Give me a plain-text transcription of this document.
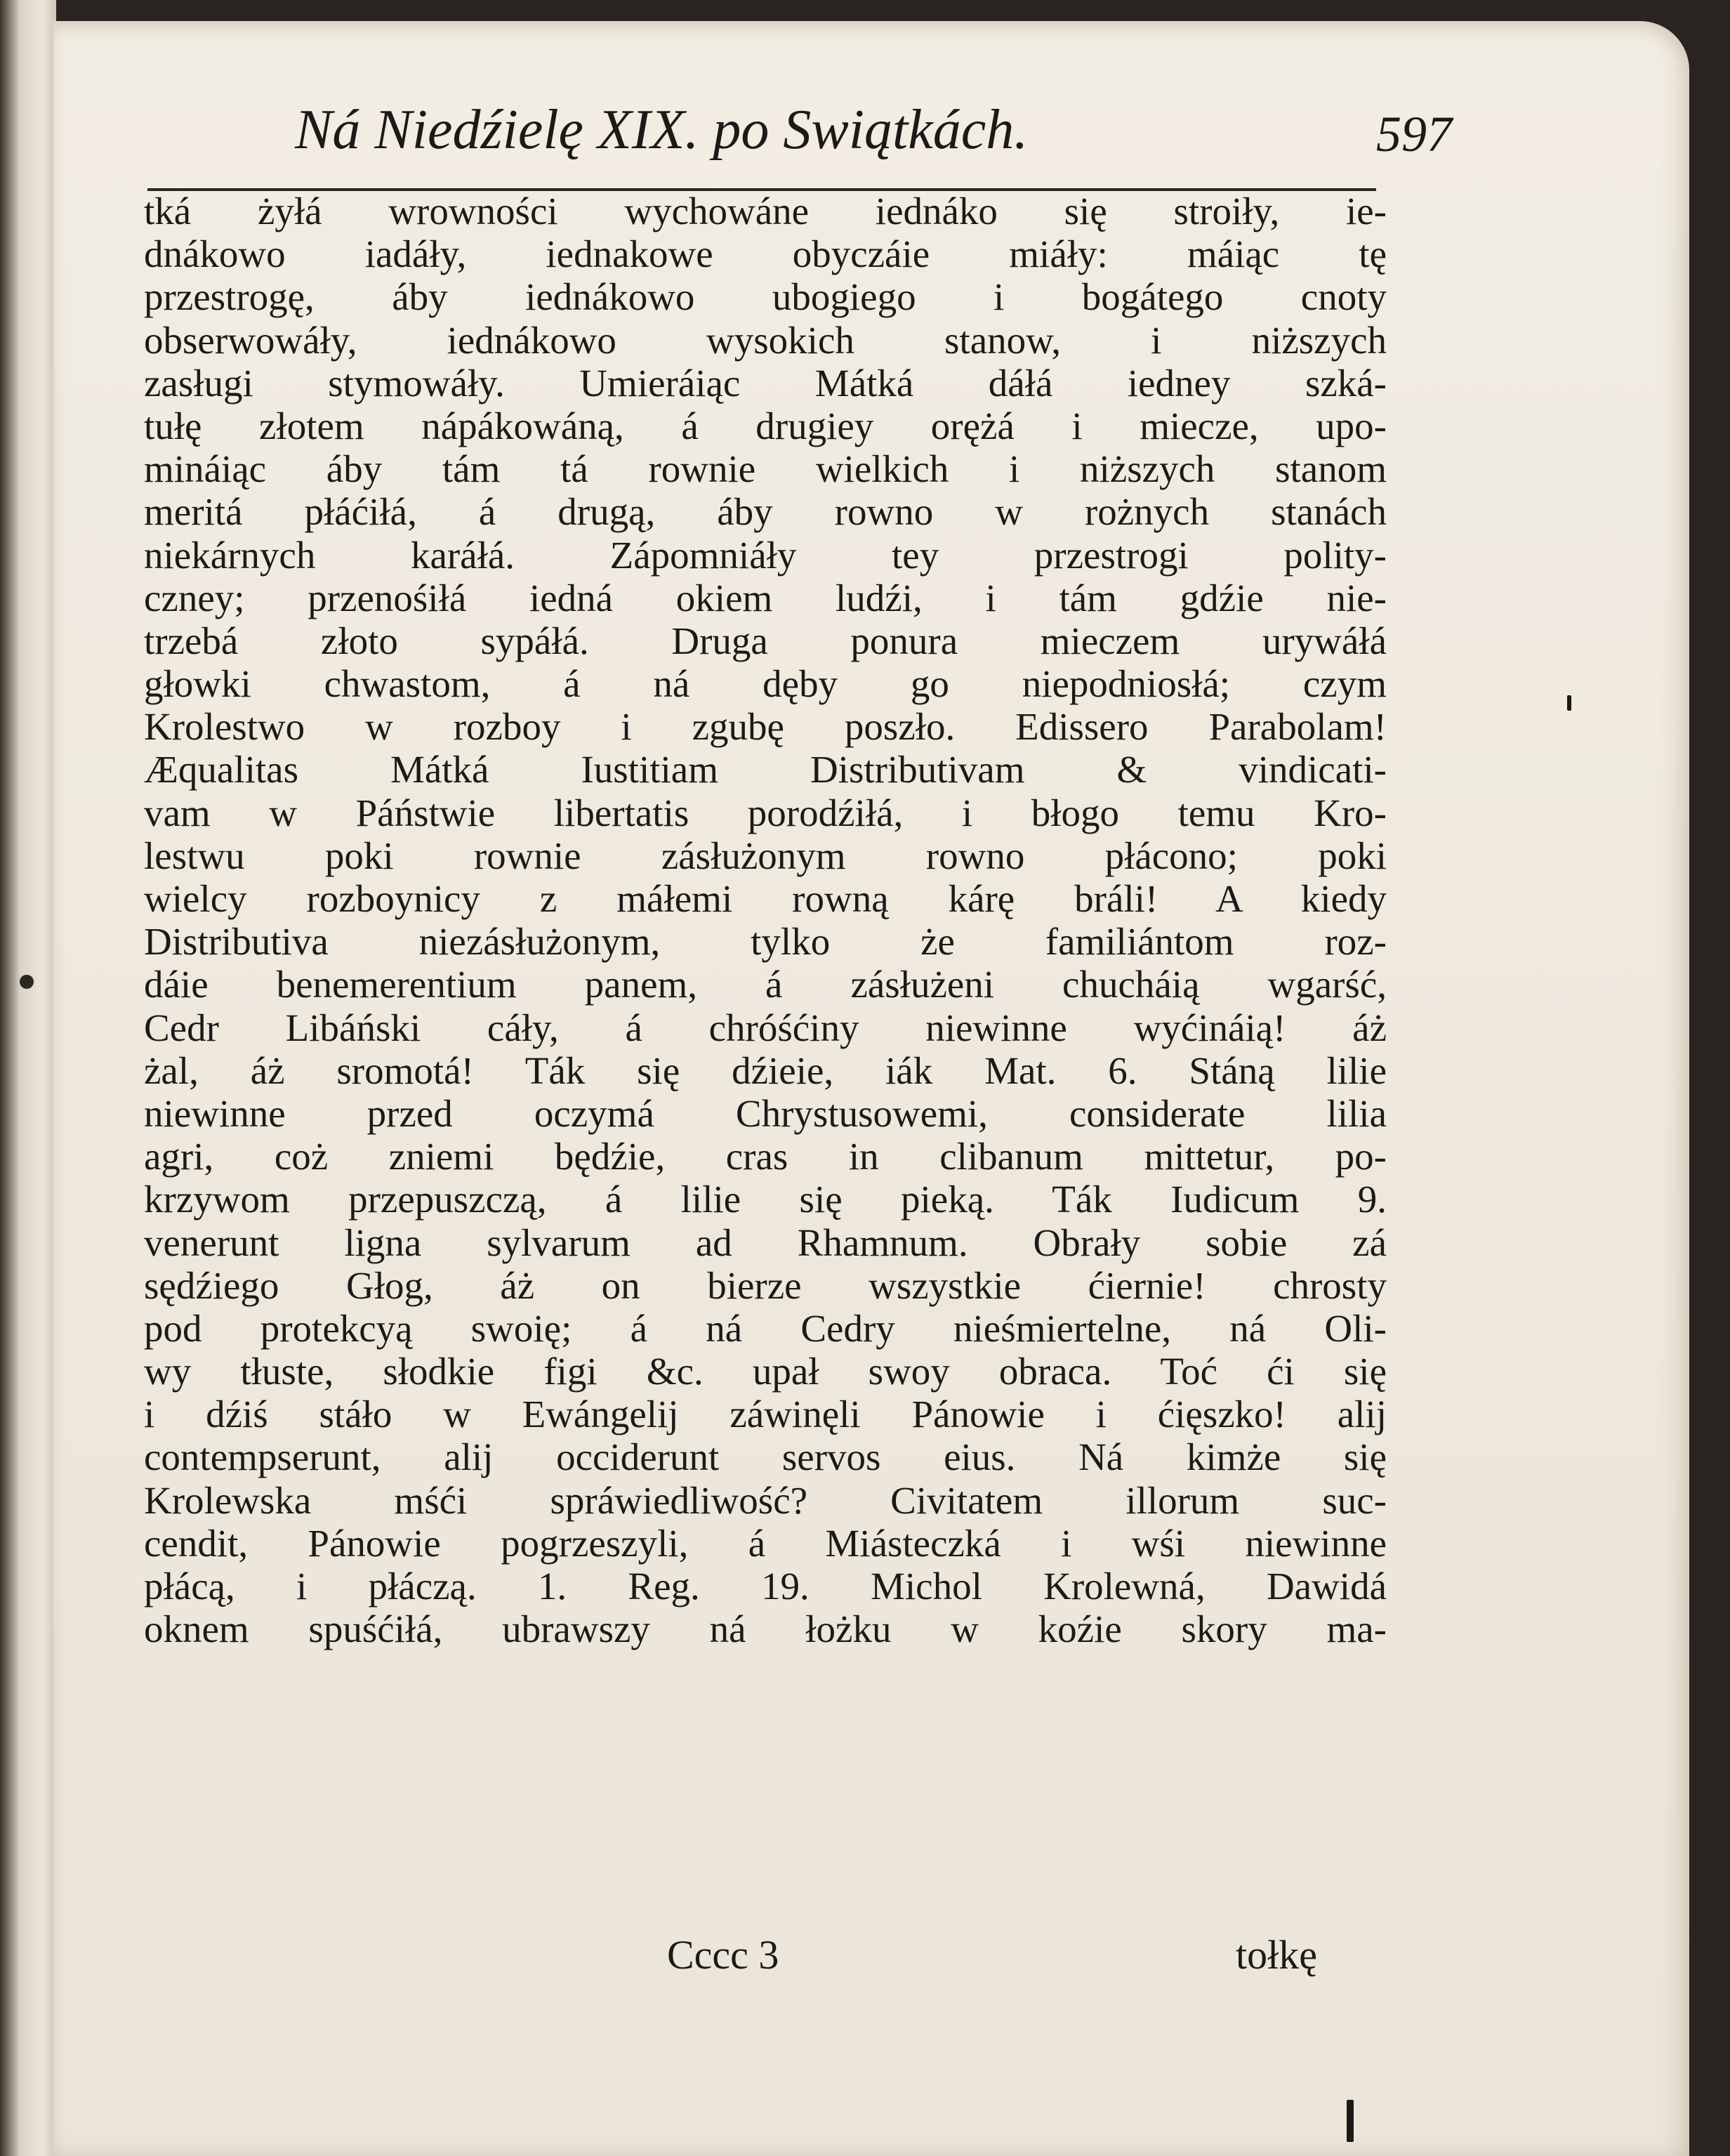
Ná Niedźielę XIX. po Swiątkách.	597
tká żyłá wrowności wychowáne iednáko się stroiły, ie-
dnákowo iadáły, iednakowe obyczáie miáły: máiąc tę
przestrogę, áby iednákowo ubogiego i bogátego cnoty
obserwowáły, iednákowo wysokich stanow, i niższych
zasługi stymowáły. Umieráiąc Mátká dáłá iedney szká-
tułę złotem nápákowáną, á drugiey orężá i miecze, upo-
mináiąc áby tám tá rownie wielkich i niższych stanom
meritá płáćiłá, á drugą, áby rowno w rożnych stanách
niekárnych karáłá. Zápomniáły tey przestrogi polity-
czney; przenośiłá iedná okiem ludźi, i tám gdźie nie-
trzebá złoto sypáłá. Druga ponura mieczem urywáłá
głowki chwastom, á ná dęby go niepodniosłá; czym
Krolestwo w rozboy i zgubę poszło. Edissero Parabolam!
Æqualitas Mátká Iustitiam Distributivam & vindicati-
vam w Páństwie libertatis porodźiłá, i błogo temu Kro-
lestwu poki rownie zásłużonym rowno płácono; poki
wielcy rozboynicy z máłemi rowną kárę bráli! A kiedy
Distributiva niezásłużonym, tylko że familiántom roz-
dáie benemerentium panem, á zásłużeni chucháią wgarść,
Cedr Libáński cáły, á chróśćiny niewinne wyćináią! áż
żal, áż sromotá! Ták się dźieie, iák Mat. 6. Stáną lilie
niewinne przed oczymá Chrystusowemi, considerate lilia
agri, coż zniemi będźie, cras in clibanum mittetur, po-
krzywom przepuszczą, á lilie się pieką. Ták Iudicum 9.
venerunt ligna sylvarum ad Rhamnum. Obrały sobie zá
sędźiego Głog, áż on bierze wszystkie ćiernie! chrosty
pod protekcyą swoię; á ná Cedry nieśmiertelne, ná Oli-
wy tłuste, słodkie figi &c. upał swoy obraca. Toć ći się
i dźiś stáło w Ewángelij záwinęli Pánowie i ćięszko! alij
contempserunt, alij occiderunt servos eius. Ná kimże się
Krolewska mśći spráwiedliwość? Civitatem illorum suc-
cendit, Pánowie pogrzeszyli, á Miásteczká i wśi niewinne
płácą, i płáczą. 1. Reg. 19. Michol Krolewná, Dawidá
oknem spuśćiłá, ubrawszy ná łożku w koźie skory ma-
Cccc 3	tołkę
